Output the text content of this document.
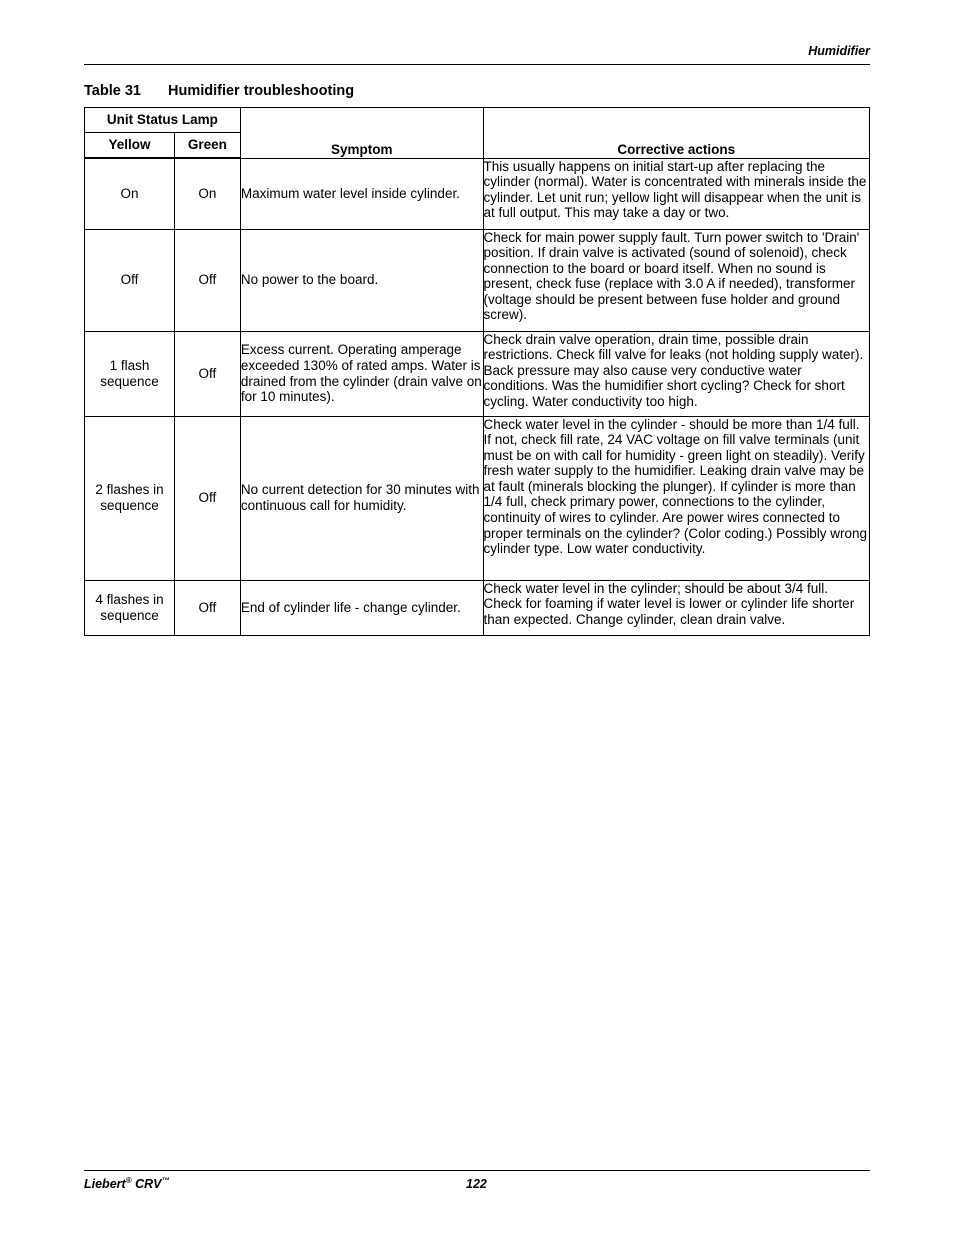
Humidifier
Table 31 Humidifier troubleshooting
Unit Status Lamp		Symptom	Corrective actions
Yellow	Green		
On	On	Maximum water level inside cylinder.	This usually happens on initial start-up after replacing the cylinder (normal). Water is concentrated with minerals inside the cylinder. Let unit run; yellow light will disappear when the unit is at full output. This may take a day or two.
Off	Off	No power to the board.	Check for main power supply fault. Turn power switch to 'Drain' position. If drain valve is activated (sound of solenoid), check connection to the board or board itself. When no sound is present, check fuse (replace with 3.0 A if needed), transformer (voltage should be present between fuse holder and ground screw).
1 flash sequence	Off	Excess current. Operating amperage exceeded 130% of rated amps. Water is drained from the cylinder (drain valve on for 10 minutes).	Check drain valve operation, drain time, possible drain restrictions. Check fill valve for leaks (not holding supply water). Back pressure may also cause very conductive water conditions. Was the humidifier short cycling? Check for short cycling. Water conductivity too high.
2 flashes in sequence	Off	No current detection for 30 minutes with continuous call for humidity.	Check water level in the cylinder - should be more than 1/4 full. If not, check fill rate, 24 VAC voltage on fill valve terminals (unit must be on with call for humidity - green light on steadily). Verify fresh water supply to the humidifier. Leaking drain valve may be at fault (minerals blocking the plunger). If cylinder is more than 1/4 full, check primary power, connections to the cylinder, continuity of wires to cylinder. Are power wires connected to proper terminals on the cylinder? (Color coding.) Possibly wrong cylinder type. Low water conductivity.
4 flashes in sequence	Off	End of cylinder life - change cylinder.	Check water level in the cylinder; should be about 3/4 full. Check for foaming if water level is lower or cylinder life shorter than expected. Change cylinder, clean drain valve.
Liebert® CRV™	122
